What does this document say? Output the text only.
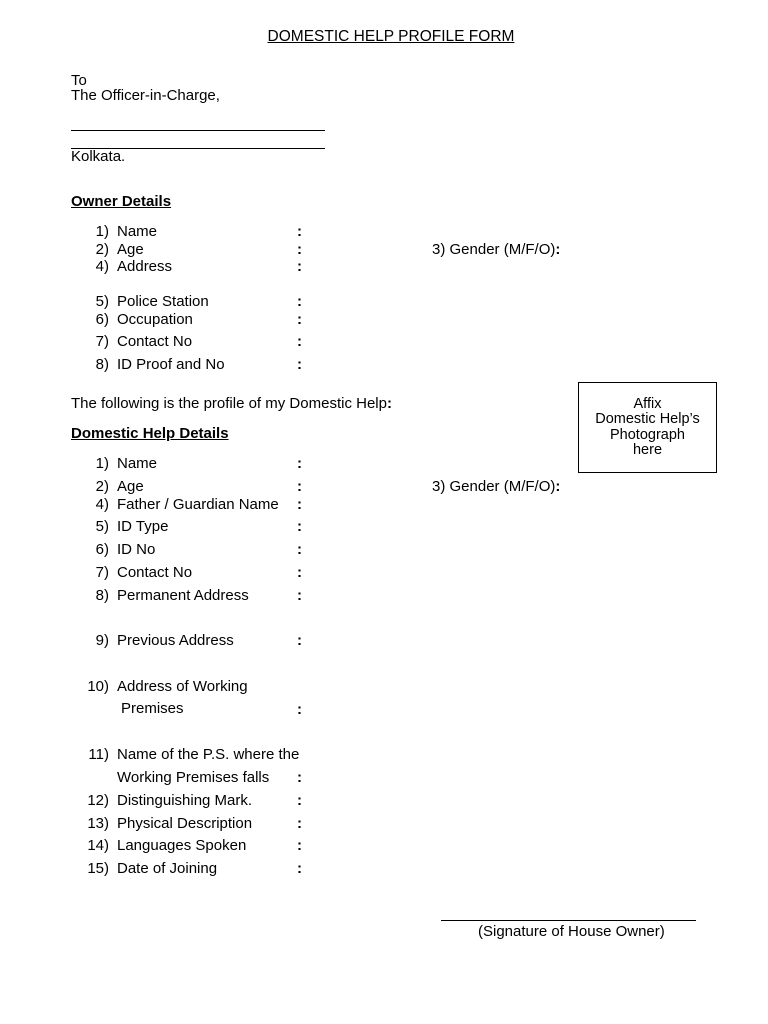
DOMESTIC HELP PROFILE FORM
To
The Officer-in-Charge,
Kolkata.
Owner Details
1) Name	:
2) Age	:	3) Gender (M/F/O):
4) Address	:
5) Police Station	:
6) Occupation	:
7) Contact No	:
8) ID Proof and No	:
The following is the profile of my Domestic Help:	Affix
Domestic Help’s
Photograph
here
Domestic Help Details
1) Name	:
2) Age	:	3) Gender (M/F/O):
4) Father / Guardian Name :
5) ID Type	:
6) ID No	:
7) Contact No	:
8) Permanent Address	:
9) Previous Address	:
10) Address of Working
Premises	:
11) Name of the P.S. where the
Working Premises falls :
12) Distinguishing Mark.	:
13) Physical Description	:
14) Languages Spoken	:
15) Date of Joining	:
(Signature of House Owner)
